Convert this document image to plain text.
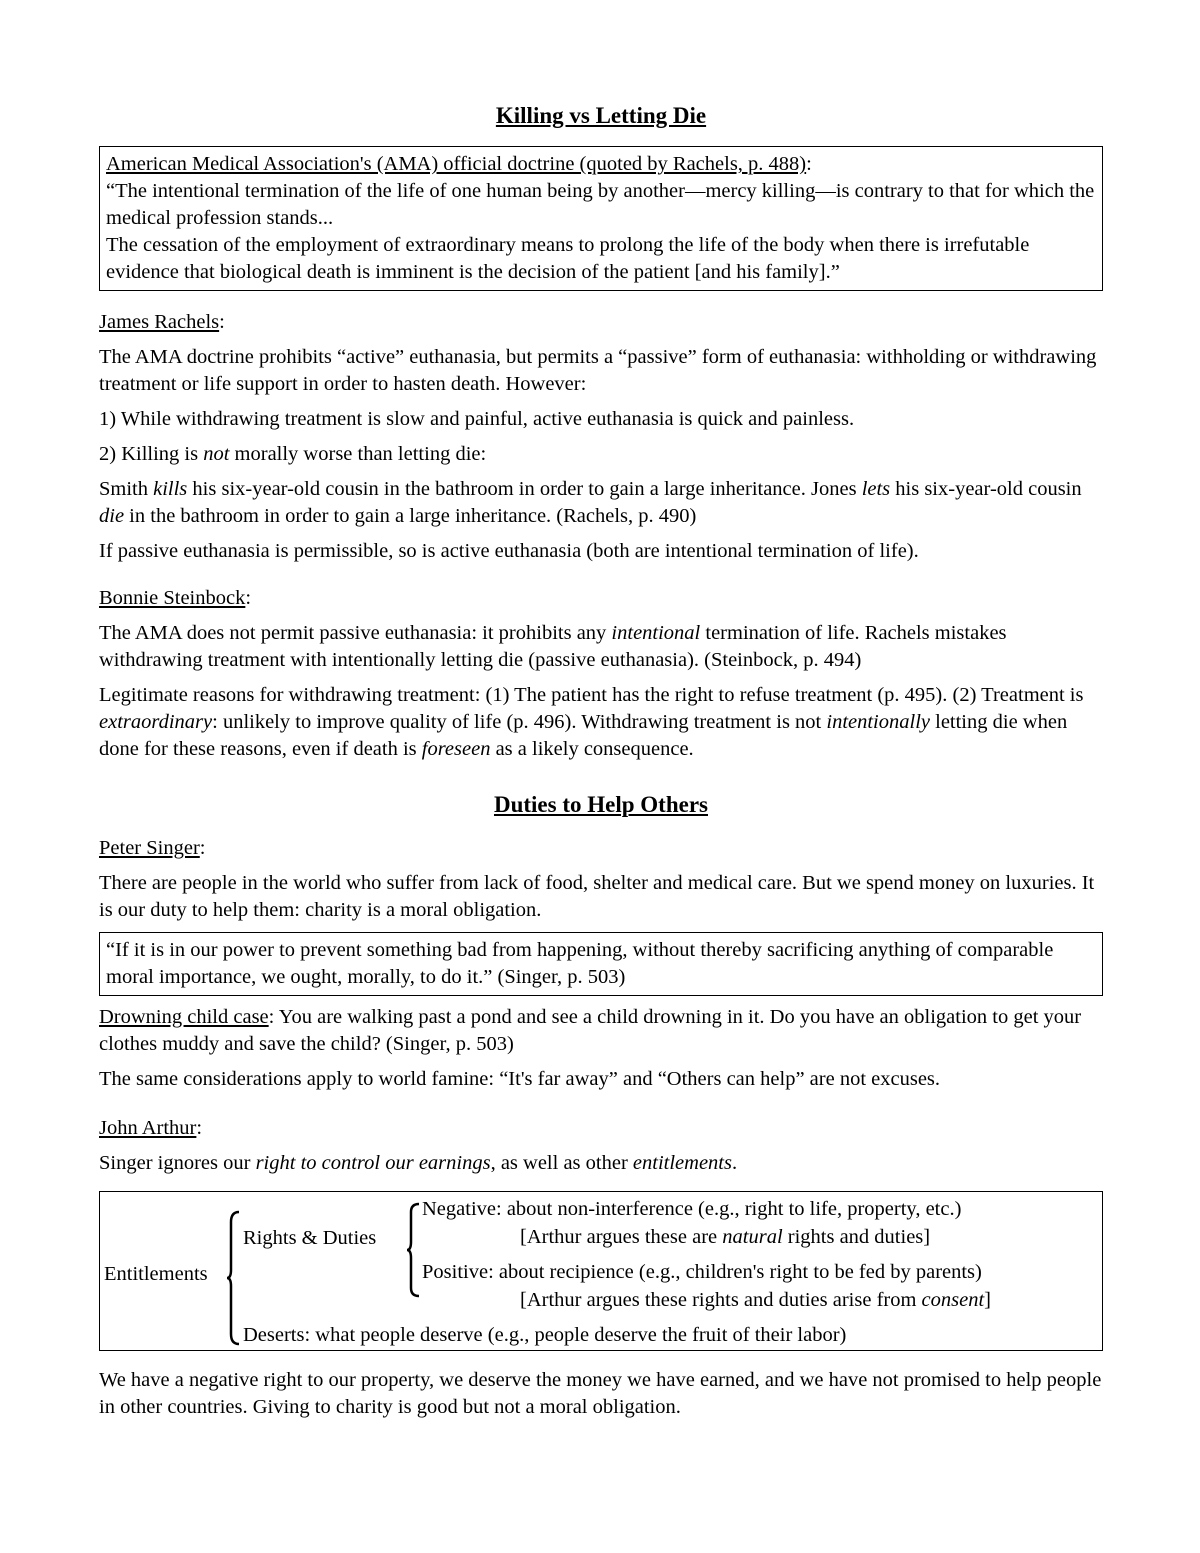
Killing vs Letting Die

American Medical Association's (AMA) official doctrine (quoted by Rachels, p. 488):

“The intentional termination of the life of one human being by another—mercy killing—is contrary to that for which the medical profession stands...

The cessation of the employment of extraordinary means to prolong the life of the body when there is irrefutable evidence that biological death is imminent is the decision of the patient [and his family].”

James Rachels:

The AMA doctrine prohibits “active” euthanasia, but permits a “passive” form of euthanasia: withholding or withdrawing treatment or life support in order to hasten death. However:

1) While withdrawing treatment is slow and painful, active euthanasia is quick and painless.

2) Killing is not morally worse than letting die:

Smith kills his six-year-old cousin in the bathroom in order to gain a large inheritance. Jones lets his six-year-old cousin die in the bathroom in order to gain a large inheritance. (Rachels, p. 490)

If passive euthanasia is permissible, so is active euthanasia (both are intentional termination of life).

Bonnie Steinbock:

The AMA does not permit passive euthanasia: it prohibits any intentional termination of life. Rachels mistakes withdrawing treatment with intentionally letting die (passive euthanasia). (Steinbock, p. 494)

Legitimate reasons for withdrawing treatment: (1) The patient has the right to refuse treatment (p. 495). (2) Treatment is extraordinary: unlikely to improve quality of life (p. 496). Withdrawing treatment is not intentionally letting die when done for these reasons, even if death is foreseen as a likely consequence.

Duties to Help Others

Peter Singer:

There are people in the world who suffer from lack of food, shelter and medical care. But we spend money on luxuries. It is our duty to help them: charity is a moral obligation.

“If it is in our power to prevent something bad from happening, without thereby sacrificing anything of comparable moral importance, we ought, morally, to do it.” (Singer, p. 503)

Drowning child case: You are walking past a pond and see a child drowning in it. Do you have an obligation to get your clothes muddy and save the child? (Singer, p. 503)

The same considerations apply to world famine: “It's far away” and “Others can help” are not excuses.

John Arthur:

Singer ignores our right to control our earnings, as well as other entitlements.

Entitlements
Rights & Duties
Negative: about non-interference (e.g., right to life, property, etc.)
[Arthur argues these are natural rights and duties]
Positive: about recipience (e.g., children's right to be fed by parents)
[Arthur argues these rights and duties arise from consent]
Deserts: what people deserve (e.g., people deserve the fruit of their labor)

We have a negative right to our property, we deserve the money we have earned, and we have not promised to help people in other countries. Giving to charity is good but not a moral obligation.
